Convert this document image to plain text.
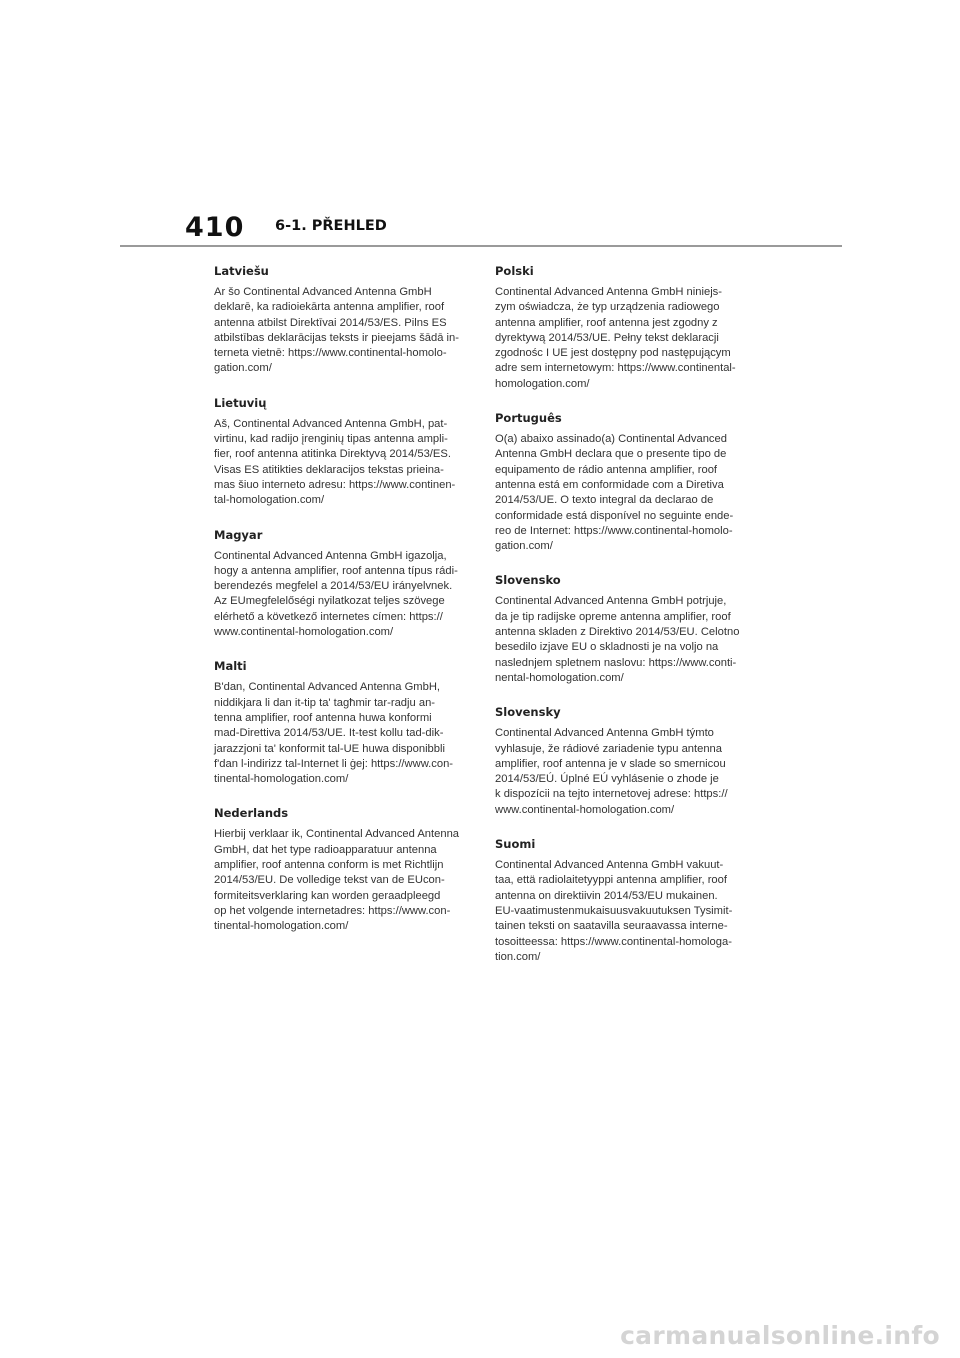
410 6-1. PŘEHLED
Latviešu

Ar šo Continental Advanced Antenna GmbH
deklarē, ka radioiekārta antenna amplifier, roof
antenna atbilst Direktīvai 2014/53/ES. Pilns ES
atbilstības deklarācijas teksts ir pieejams šādā in-
terneta vietnē: https://www.continental-homolo-
gation.com/

Lietuvių

Aš, Continental Advanced Antenna GmbH, pat-
virtinu, kad radijo įrenginių tipas antenna ampli-
fier, roof antenna atitinka Direktyvą 2014/53/ES.
Visas ES atitikties deklaracijos tekstas prieina-
mas šiuo interneto adresu: https://www.continen-
tal-homologation.com/

Magyar

Continental Advanced Antenna GmbH igazolja,
hogy a antenna amplifier, roof antenna típus rádi-
berendezés megfelel a 2014/53/EU irányelvnek.
Az EUmegfelelőségi nyilatkozat teljes szövege
elérhető a következő internetes címen: https://
www.continental-homologation.com/

Malti

B'dan, Continental Advanced Antenna GmbH,
niddikjara li dan it-tip ta' tagħmir tar-radju an-
tenna amplifier, roof antenna huwa konformi
mad-Direttiva 2014/53/UE. It-test kollu tad-dik-
jarazzjoni ta' konformit tal-UE huwa disponibbli
f'dan l-indirizz tal-Internet li ġej: https://www.con-
tinental-homologation.com/

Nederlands

Hierbij verklaar ik, Continental Advanced Antenna
GmbH, dat het type radioapparatuur antenna
amplifier, roof antenna conform is met Richtlijn
2014/53/EU. De volledige tekst van de EUcon-
formiteitsverklaring kan worden geraadpleegd
op het volgende internetadres: https://www.con-
tinental-homologation.com/

Polski

Continental Advanced Antenna GmbH niniejs-
zym oświadcza, że typ urządzenia radiowego
antenna amplifier, roof antenna jest zgodny z
dyrektywą 2014/53/UE. Pełny tekst deklaracji
zgodnośc I UE jest dostępny pod następującym
adre sem internetowym: https://www.continental-
homologation.com/

Português

O(a) abaixo assinado(a) Continental Advanced
Antenna GmbH declara que o presente tipo de
equipamento de rádio antenna amplifier, roof
antenna está em conformidade com a Diretiva
2014/53/UE. O texto integral da declarao de
conformidade está disponível no seguinte ende-
reo de Internet: https://www.continental-homolo-
gation.com/

Slovensko

Continental Advanced Antenna GmbH potrjuje,
da je tip radijske opreme antenna amplifier, roof
antenna skladen z Direktivo 2014/53/EU. Celotno
besedilo izjave EU o skladnosti je na voljo na
naslednjem spletnem naslovu: https://www.conti-
nental-homologation.com/

Slovensky

Continental Advanced Antenna GmbH týmto
vyhlasuje, že rádiové zariadenie typu antenna
amplifier, roof antenna je v slade so smernicou
2014/53/EÚ. Úplné EÚ vyhlásenie o zhode je
k dispozícii na tejto internetovej adrese: https://
www.continental-homologation.com/

Suomi

Continental Advanced Antenna GmbH vakuut-
taa, että radiolaitetyyppi antenna amplifier, roof
antenna on direktiivin 2014/53/EU mukainen.
EU-vaatimustenmukaisuusvakuutuksen Tysimit-
tainen teksti on saatavilla seuraavassa interne-
tosoitteessa: https://www.continental-homologa-
tion.com/

carmanualsonline.info
